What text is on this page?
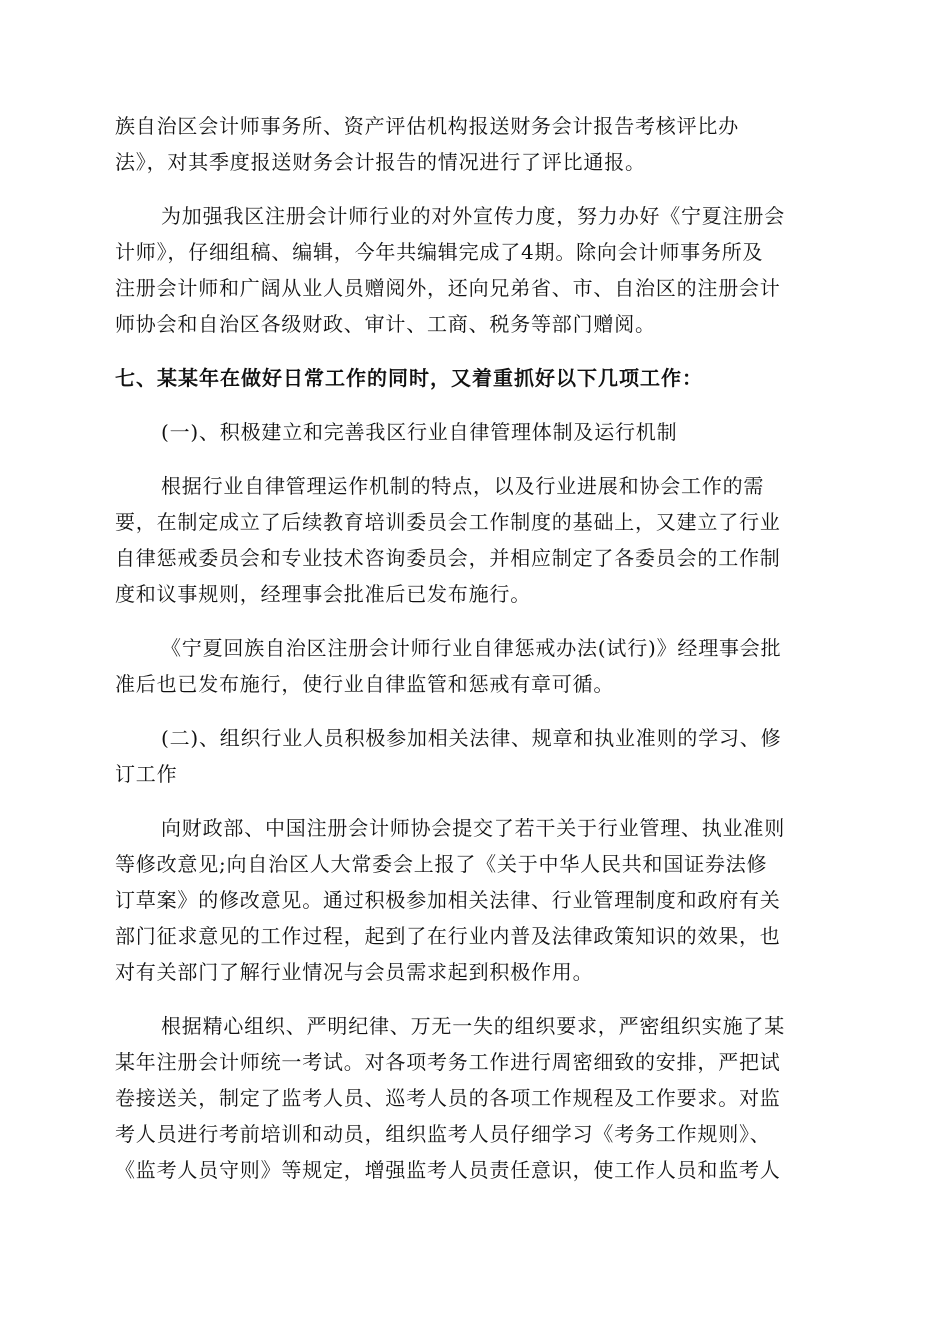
族自治区会计师事务所、资产评估机构报送财务会计报告考核评比办
法》，对其季度报送财务会计报告的情况进行了评比通报。
为加强我区注册会计师行业的对外宣传力度，努力办好《宁夏注册会
计师》，仔细组稿、编辑，今年共编辑完成了4期。除向会计师事务所及
注册会计师和广阔从业人员赠阅外，还向兄弟省、市、自治区的注册会计
师协会和自治区各级财政、审计、工商、税务等部门赠阅。
七、某某年在做好日常工作的同时，又着重抓好以下几项工作：
(一)、积极建立和完善我区行业自律管理体制及运行机制
根据行业自律管理运作机制的特点，以及行业进展和协会工作的需
要，在制定成立了后续教育培训委员会工作制度的基础上，又建立了行业
自律惩戒委员会和专业技术咨询委员会，并相应制定了各委员会的工作制
度和议事规则，经理事会批准后已发布施行。
《宁夏回族自治区注册会计师行业自律惩戒办法(试行)》经理事会批
准后也已发布施行，使行业自律监管和惩戒有章可循。
(二)、组织行业人员积极参加相关法律、规章和执业准则的学习、修
订工作
向财政部、中国注册会计师协会提交了若干关于行业管理、执业准则
等修改意见;向自治区人大常委会上报了《关于中华人民共和国证券法修
订草案》的修改意见。通过积极参加相关法律、行业管理制度和政府有关
部门征求意见的工作过程，起到了在行业内普及法律政策知识的效果，也
对有关部门了解行业情况与会员需求起到积极作用。
根据精心组织、严明纪律、万无一失的组织要求，严密组织实施了某
某年注册会计师统一考试。对各项考务工作进行周密细致的安排，严把试
卷接送关，制定了监考人员、巡考人员的各项工作规程及工作要求。对监
考人员进行考前培训和动员，组织监考人员仔细学习《考务工作规则》、
《监考人员守则》等规定，增强监考人员责任意识，使工作人员和监考人
